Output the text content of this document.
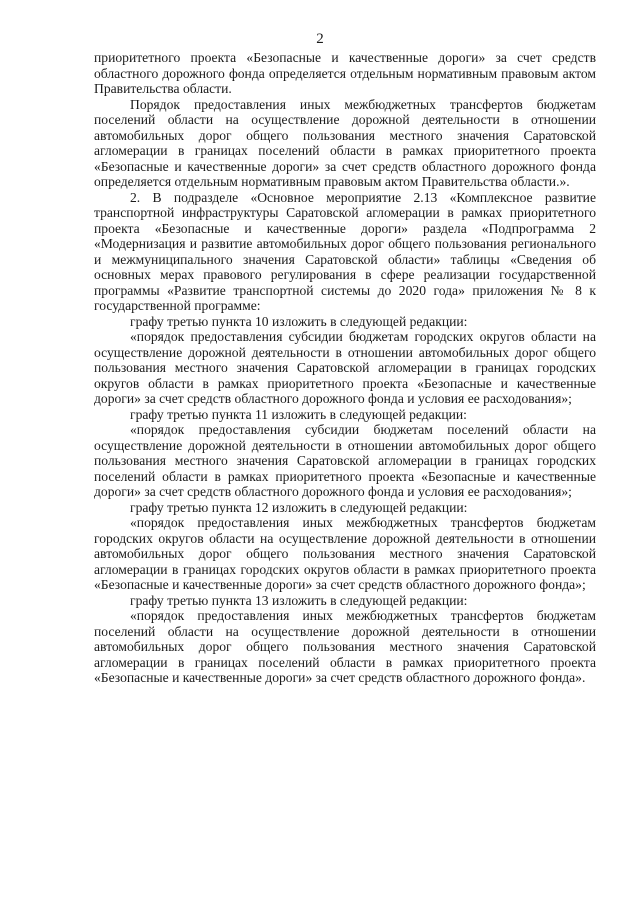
2

приоритетного проекта «Безопасные и качественные дороги» за счет средств областного дорожного фонда определяется отдельным нормативным правовым актом Правительства области.

Порядок предоставления иных межбюджетных трансфертов бюджетам поселений области на осуществление дорожной деятельности в отношении автомобильных дорог общего пользования местного значения Саратовской агломерации в границах поселений области в рамках приоритетного проекта «Безопасные и качественные дороги» за счет средств областного дорожного фонда определяется отдельным нормативным правовым актом Правительства области.».

2. В подразделе «Основное мероприятие 2.13 «Комплексное развитие транспортной инфраструктуры Саратовской агломерации в рамках приоритетного проекта «Безопасные и качественные дороги» раздела «Подпрограмма 2 «Модернизация и развитие автомобильных дорог общего пользования регионального и межмуниципального значения Саратовской области» таблицы «Сведения об основных мерах правового регулирования в сфере реализации государственной программы «Развитие транспортной системы до 2020 года» приложения № 8 к государственной программе:

графу третью пункта 10 изложить в следующей редакции:

«порядок предоставления субсидии бюджетам городских округов области на осуществление дорожной деятельности в отношении автомобильных дорог общего пользования местного значения Саратовской агломерации в границах городских округов области в рамках приоритетного проекта «Безопасные и качественные дороги» за счет средств областного дорожного фонда и условия ее расходования»;

графу третью пункта 11 изложить в следующей редакции:

«порядок предоставления субсидии бюджетам поселений области на осуществление дорожной деятельности в отношении автомобильных дорог общего пользования местного значения Саратовской агломерации в границах городских поселений области в рамках приоритетного проекта «Безопасные и качественные дороги» за счет средств областного дорожного фонда и условия ее расходования»;

графу третью пункта 12 изложить в следующей редакции:

«порядок предоставления иных межбюджетных трансфертов бюджетам городских округов области на осуществление дорожной деятельности в отношении автомобильных дорог общего пользования местного значения Саратовской агломерации в границах городских округов области в рамках приоритетного проекта «Безопасные и качественные дороги» за счет средств областного дорожного фонда»;

графу третью пункта 13 изложить в следующей редакции:

«порядок предоставления иных межбюджетных трансфертов бюджетам поселений области на осуществление дорожной деятельности в отношении автомобильных дорог общего пользования местного значения Саратовской агломерации в границах поселений области в рамках приоритетного проекта «Безопасные и качественные дороги» за счет средств областного дорожного фонда».
